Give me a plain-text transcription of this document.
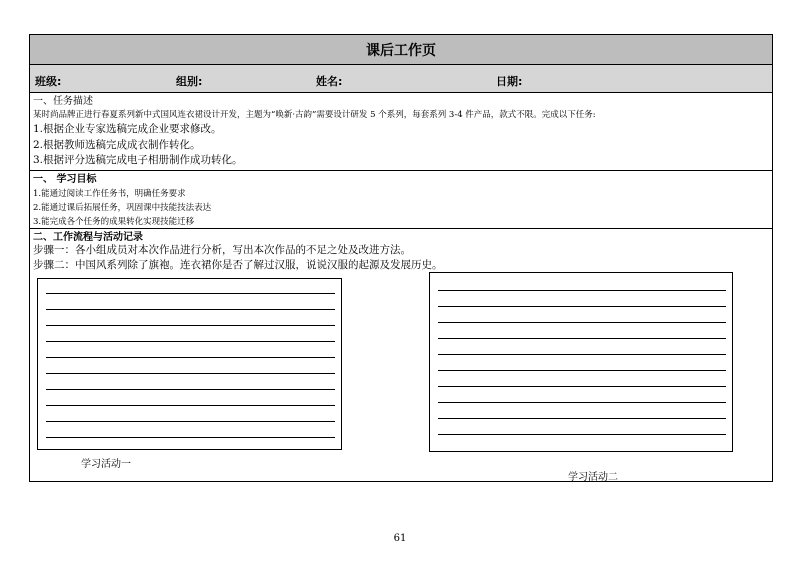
课后工作页
班级:	组别:	姓名:	日期:
一、任务描述
某时尚品牌正进行春夏系列新中式国风连衣裙设计开发，主题为“唤新·古韵”需要设计研发 5 个系列，每套系列 3-4 件产品，款式不限。完成以下任务:
1.根据企业专家选稿完成企业要求修改。
2.根据教师选稿完成成衣制作转化。
3.根据评分选稿完成电子相册制作成功转化。
一、 学习目标
1.能通过阅读工作任务书，明确任务要求
2.能通过课后拓展任务，巩固课中技能技法表达
3.能完成各个任务的成果转化实现技能迁移
二、工作流程与活动记录
步骤一：各小组成员对本次作品进行分析，写出本次作品的不足之处及改进方法。
步骤二：中国风系列除了旗袍。连衣裙你是否了解过汉服，说说汉服的起源及发展历史。
学习活动一
学习活动二
61
